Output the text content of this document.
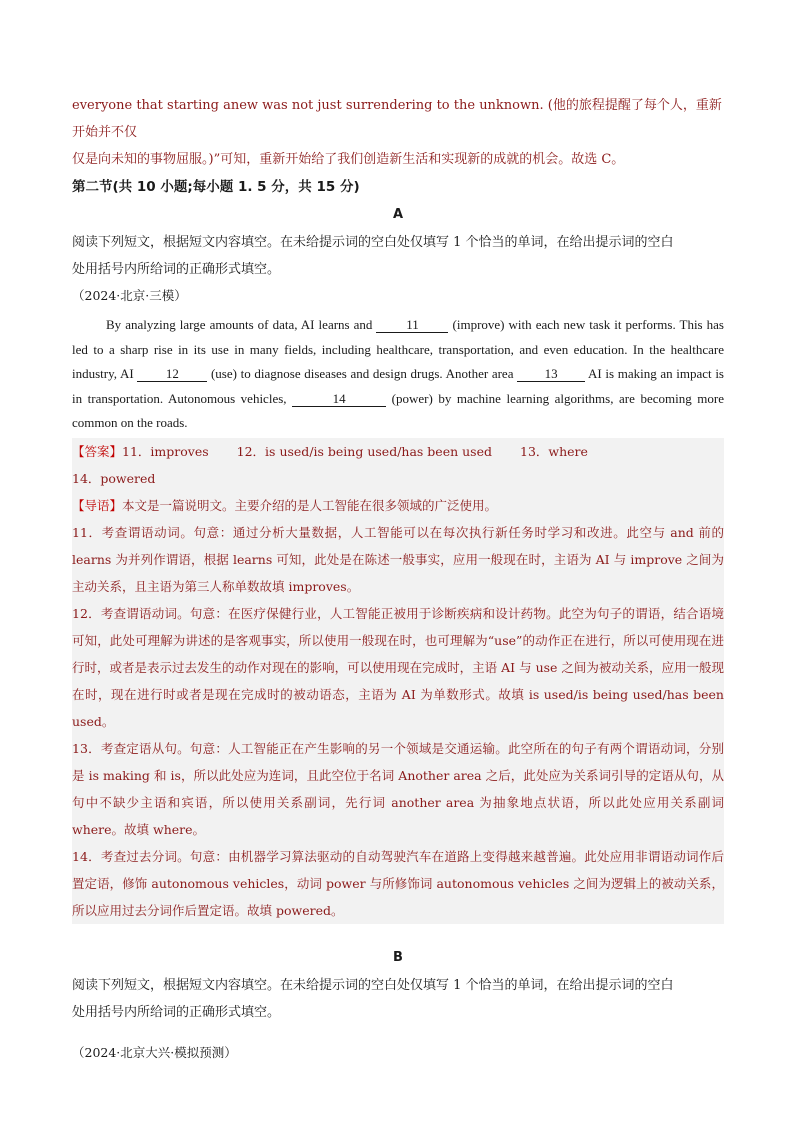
everyone that starting anew was not just surrendering to the unknown. (他的旅程提醒了每个人，重新开始并不仅

仅是向未知的事物屈服。)”可知，重新开始给了我们创造新生活和实现新的成就的机会。故选 C。

第二节(共 10 小题;每小题 1. 5 分，共 15 分)

A

阅读下列短文，根据短文内容填空。在未给提示词的空白处仅填写 1 个恰当的单词，在给出提示词的空白

处用括号内所给词的正确形式填空。

（2024·北京·三模）

By analyzing large amounts of data, AI learns and 11 (improve) with each new task it performs. This has led to a sharp rise in its use in many fields, including healthcare, transportation, and even education. In the healthcare industry, AI 12 (use) to diagnose diseases and design drugs. Another area 13 AI is making an impact is in transportation. Autonomous vehicles,	14	(power) by machine learning algorithms, are becoming more common on the roads.

【答案】11．improves 12．is used/is being used/has been used 13．where14．powered

【导语】本文是一篇说明文。主要介绍的是人工智能在很多领域的广泛使用。

11．考查谓语动词。句意：通过分析大量数据，人工智能可以在每次执行新任务时学习和改进。此空与 and 前的 learns 为并列作谓语，根据 learns 可知，此处是在陈述一般事实，应用一般现在时，主语为 AI 与 improve 之间为主动关系，且主语为第三人称单数故填 improves。

12．考查谓语动词。句意：在医疗保健行业，人工智能正被用于诊断疾病和设计药物。此空为句子的谓语，结合语境可知，此处可理解为讲述的是客观事实，所以使用一般现在时，也可理解为“use”的动作正在进行，所以可使用现在进行时，或者是表示过去发生的动作对现在的影响，可以使用现在完成时，主语 AI 与 use 之间为被动关系，应用一般现在时，现在进行时或者是现在完成时的被动语态，主语为 AI 为单数形式。故填 is used/is being used/has been used。

13．考查定语从句。句意：人工智能正在产生影响的另一个领域是交通运输。此空所在的句子有两个谓语动词，分别是 is making 和 is，所以此处应为连词，且此空位于名词 Another area 之后，此处应为关系词引导的定语从句，从句中不缺少主语和宾语，所以使用关系副词，先行词 another area 为抽象地点状语，所以此处应用关系副词 where。故填 where。

14．考查过去分词。句意：由机器学习算法驱动的自动驾驶汽车在道路上变得越来越普遍。此处应用非谓语动词作后置定语，修饰 autonomous vehicles，动词 power 与所修饰词 autonomous vehicles 之间为逻辑上的被动关系，所以应用过去分词作后置定语。故填 powered。

B

阅读下列短文，根据短文内容填空。在未给提示词的空白处仅填写 1 个恰当的单词，在给出提示词的空白

处用括号内所给词的正确形式填空。

（2024·北京大兴·模拟预测）
